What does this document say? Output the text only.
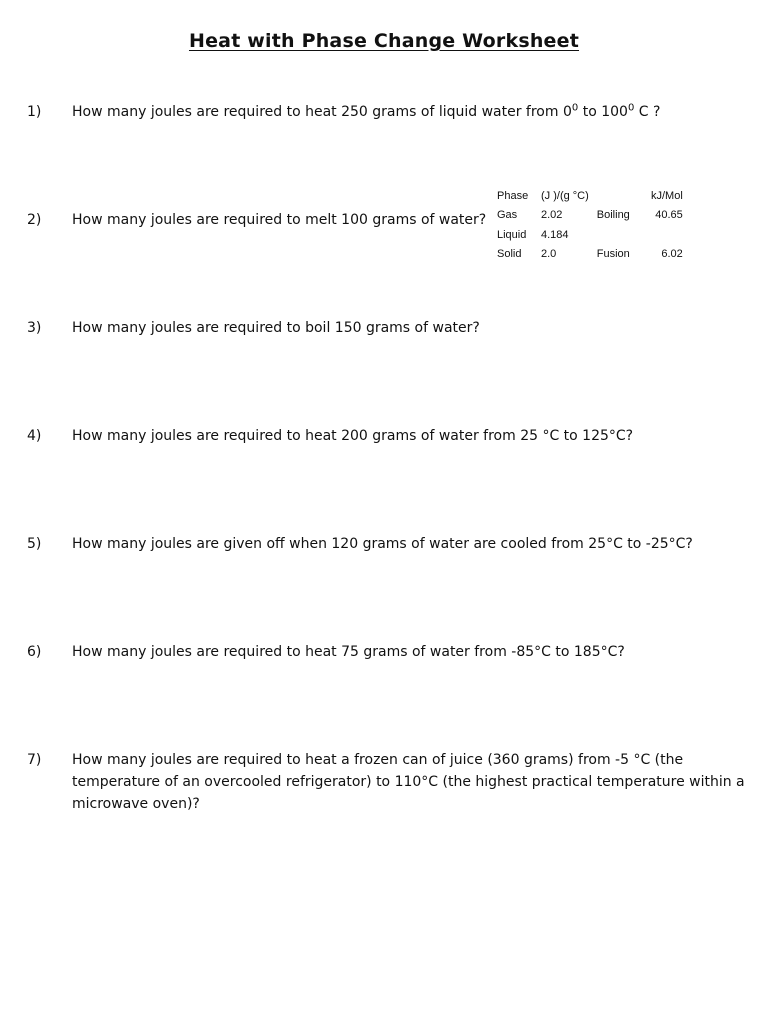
Heat with Phase Change Worksheet
1)	How many joules are required to heat 250 grams of liquid water from $0^0$ to $100^0$ C ?
2)	How many joules are required to melt 100 grams of water?
Phase	(J )/(g °C)		kJ/Mol
Gas	2.02	Boiling	40.65
Liquid	4.184		
Solid	2.0	Fusion	6.02
3)	How many joules are required to boil 150 grams of water?
4)	How many joules are required to heat 200 grams of water from 25 °C to 125°C?
5)	How many joules are given off when 120 grams of water are cooled from 25°C to -25°C?
6)	How many joules are required to heat 75 grams of water from -85°C to 185°C?
7)	How many joules are required to heat a frozen can of juice (360 grams) from -5 °C (the temperature of an overcooled refrigerator) to 110°C (the highest practical temperature within a microwave oven)?
